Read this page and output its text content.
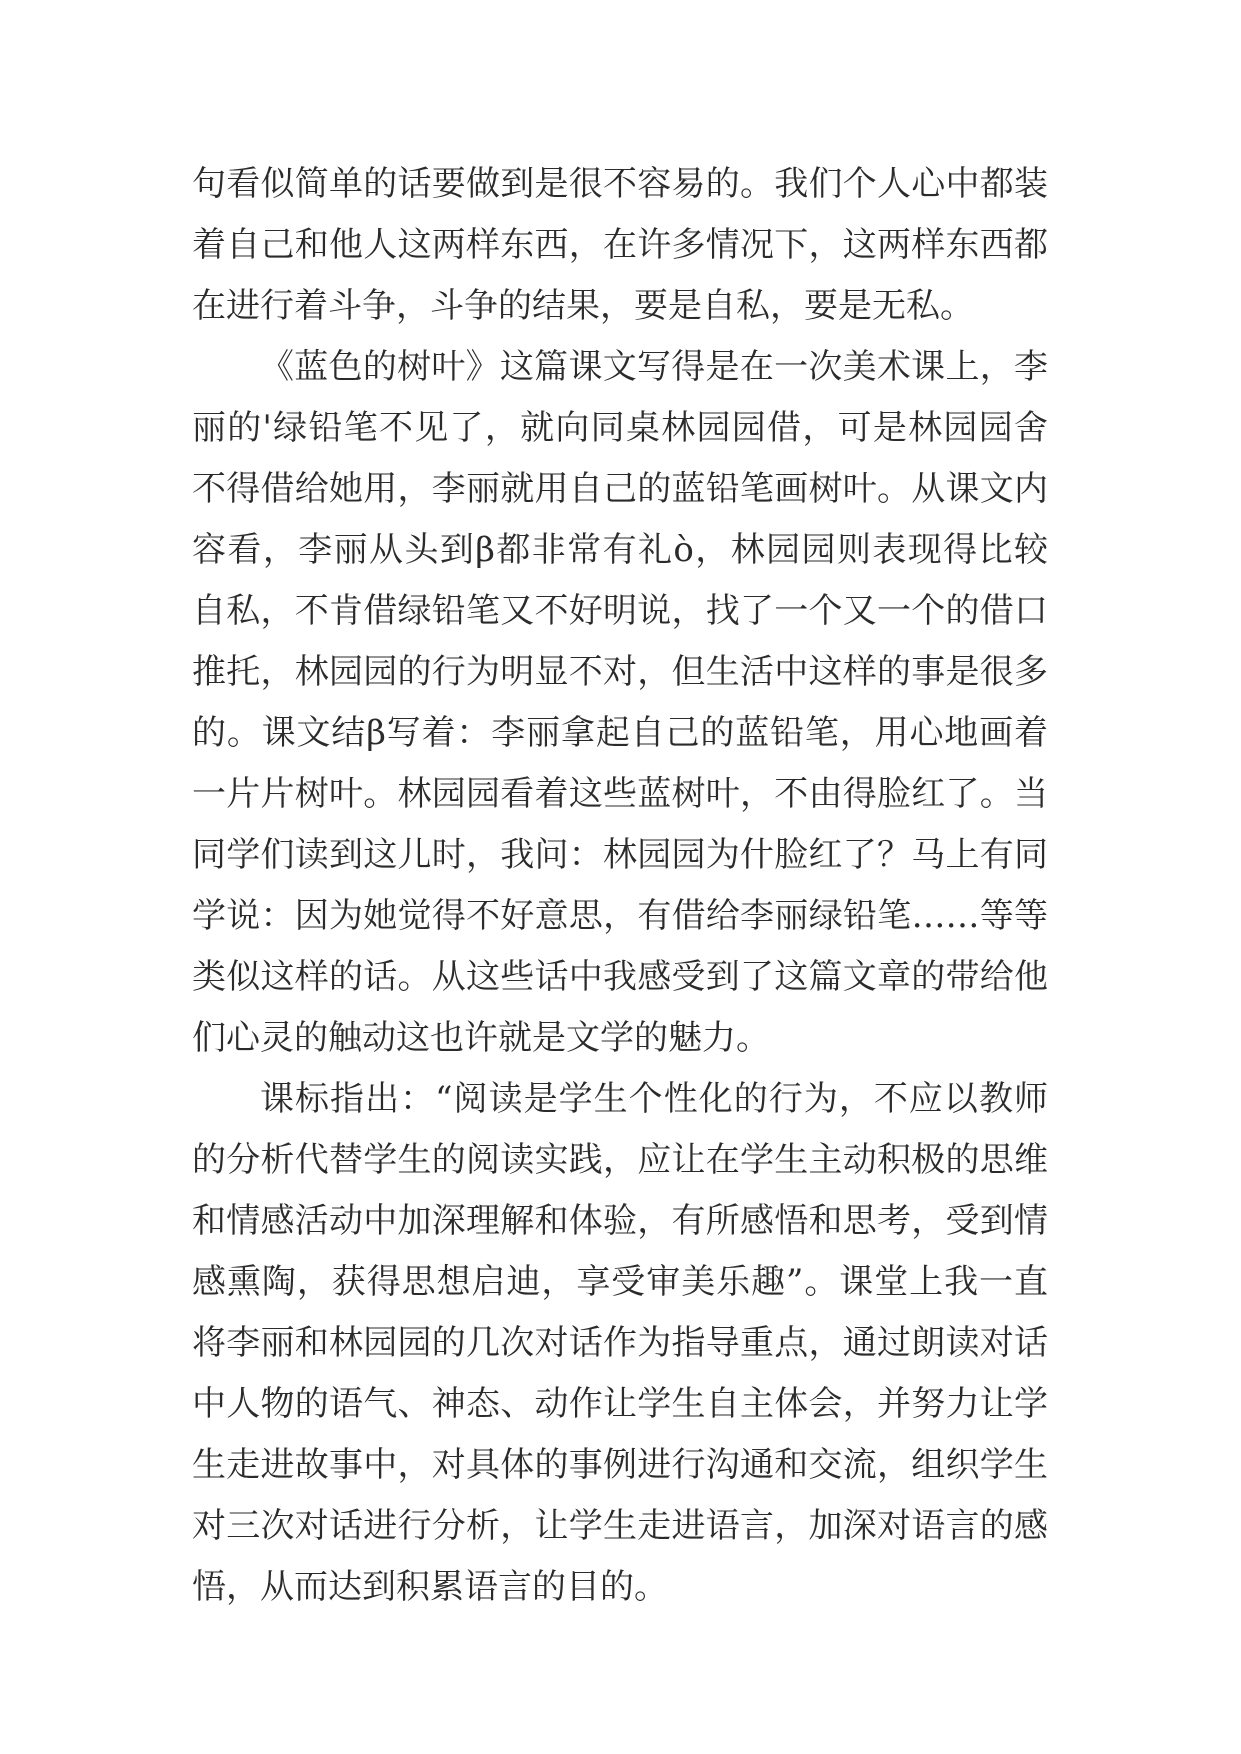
句看似简单的话要做到是很不容易的。我们个人心中都装着自己和他人这两样东西，在许多情况下，这两样东西都在进行着斗争，斗争的结果，要是自私，要是无私。

《蓝色的树叶》这篇课文写得是在一次美术课上，李丽的'绿铅笔不见了，就向同桌林园园借，可是林园园舍不得借给她用，李丽就用自己的蓝铅笔画树叶。从课文内容看，李丽从头到β都非常有礼ò，林园园则表现得比较自私，不肯借绿铅笔又不好明说，找了一个又一个的借口推托，林园园的行为明显不对，但生活中这样的事是很多的。课文结β写着：李丽拿起自己的蓝铅笔，用心地画着一片片树叶。林园园看着这些蓝树叶，不由得脸红了。当同学们读到这儿时，我问：林园园为什脸红了？马上有同学说：因为她觉得不好意思，有借给李丽绿铅笔……等等类似这样的话。从这些话中我感受到了这篇文章的带给他们心灵的触动这也许就是文学的魅力。

课标指出：“阅读是学生个性化的行为，不应以教师的分析代替学生的阅读实践，应让在学生主动积极的思维和情感活动中加深理解和体验，有所感悟和思考，受到情感熏陶，获得思想启迪，享受审美乐趣”。课堂上我一直将李丽和林园园的几次对话作为指导重点，通过朗读对话中人物的语气、神态、动作让学生自主体会，并努力让学生走进故事中，对具体的事例进行沟通和交流，组织学生对三次对话进行分析，让学生走进语言，加深对语言的感悟，从而达到积累语言的目的。
